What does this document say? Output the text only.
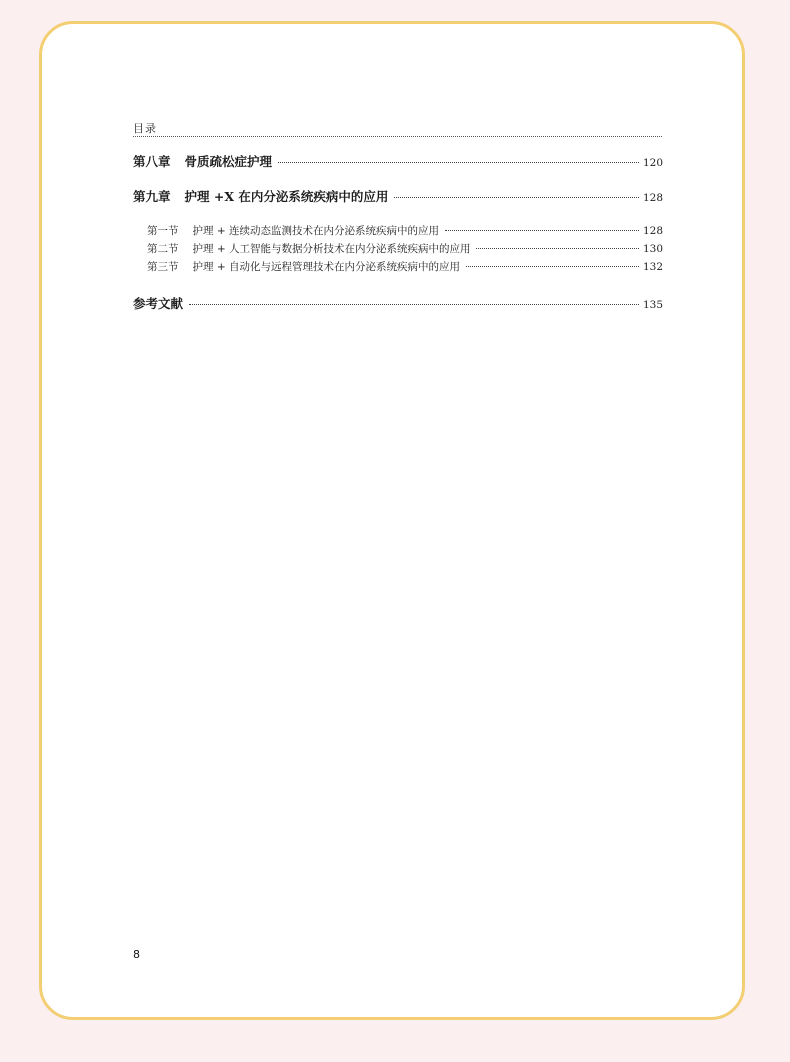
目录
第八章 骨质疏松症护理	120
第九章 护理 +X 在内分泌系统疾病中的应用	128
第一节 护理 + 连续动态监测技术在内分泌系统疾病中的应用	128
第二节 护理 + 人工智能与数据分析技术在内分泌系统疾病中的应用	130
第三节 护理 + 自动化与远程管理技术在内分泌系统疾病中的应用	132
参考文献	135
8
